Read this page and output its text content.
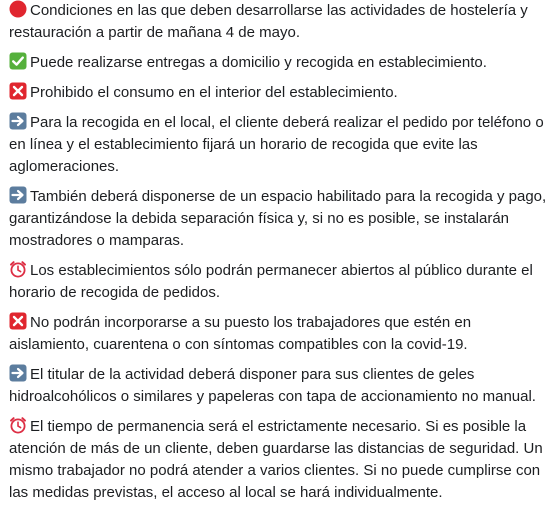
Condiciones en las que deben desarrollarse las actividades de hostelería y restauración a partir de mañana 4 de mayo.
Puede realizarse entregas a domicilio y recogida en establecimiento.
Prohibido el consumo en el interior del establecimiento.
Para la recogida en el local, el cliente deberá realizar el pedido por teléfono o en línea y el establecimiento fijará un horario de recogida que evite las aglomeraciones.
También deberá disponerse de un espacio habilitado para la recogida y pago, garantizándose la debida separación física y, si no es posible, se instalarán mostradores o mamparas.
Los establecimientos sólo podrán permanecer abiertos al público durante el horario de recogida de pedidos.
No podrán incorporarse a su puesto los trabajadores que estén en aislamiento, cuarentena o con síntomas compatibles con la covid-19.
El titular de la actividad deberá disponer para sus clientes de geles hidroalcohólicos o similares y papeleras con tapa de accionamiento no manual.
El tiempo de permanencia será el estrictamente necesario. Si es posible la atención de más de un cliente, deben guardarse las distancias de seguridad. Un mismo trabajador no podrá atender a varios clientes. Si no puede cumplirse con las medidas previstas, el acceso al local se hará individualmente.
